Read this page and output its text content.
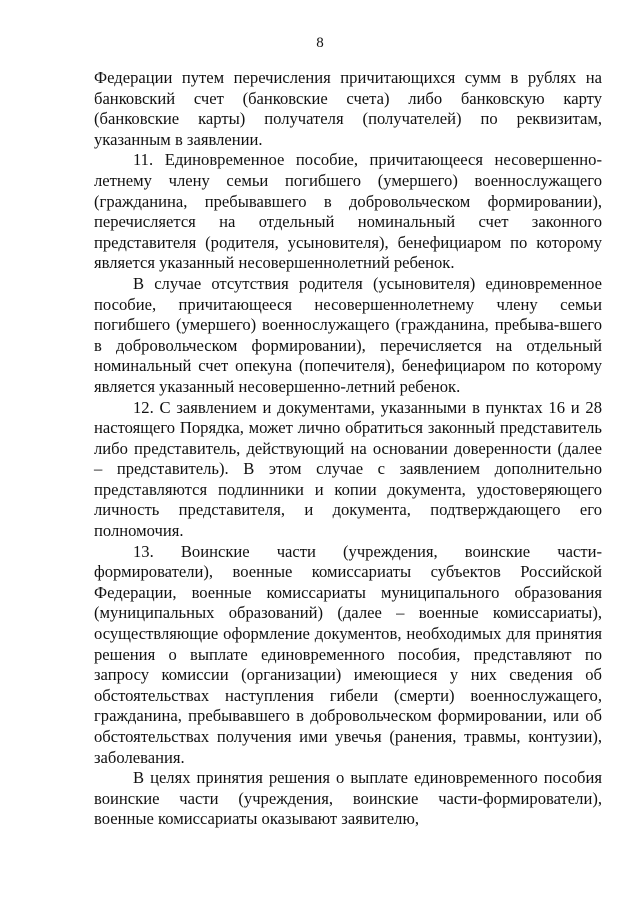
8

Федерации путем перечисления причитающихся сумм в рублях на банковский счет (банковские счета) либо банковскую карту (банковские карты) получателя (получателей) по реквизитам, указанным в заявлении.

11. Единовременное пособие, причитающееся несовершенно-летнему члену семьи погибшего (умершего) военнослужащего (гражданина, пребывавшего в добровольческом формировании), перечисляется на отдельный номинальный счет законного представителя (родителя, усыновителя), бенефициаром по которому является указанный несовершеннолетний ребенок.

В случае отсутствия родителя (усыновителя) единовременное пособие, причитающееся несовершеннолетнему члену семьи погибшего (умершего) военнослужащего (гражданина, пребыва-вшего в добровольческом формировании), перечисляется на отдельный номинальный счет опекуна (попечителя), бенефициаром по которому является указанный несовершенно-летний ребенок.

12. С заявлением и документами, указанными в пунктах 16 и 28 настоящего Порядка, может лично обратиться законный представитель либо представитель, действующий на основании доверенности (далее – представитель). В этом случае с заявлением дополнительно представляются подлинники и копии документа, удостоверяющего личность представителя, и документа, подтверждающего его полномочия.

13. Воинские части (учреждения, воинские части-формирователи), военные комиссариаты субъектов Российской Федерации, военные комиссариаты муниципального образования (муниципальных образований) (далее – военные комиссариаты), осуществляющие оформление документов, необходимых для принятия решения о выплате единовременного пособия, представляют по запросу комиссии (организации) имеющиеся у них сведения об обстоятельствах наступления гибели (смерти) военнослужащего, гражданина, пребывавшего в добровольческом формировании, или об обстоятельствах получения ими увечья (ранения, травмы, контузии), заболевания.

В целях принятия решения о выплате единовременного пособия воинские части (учреждения, воинские части-формирователи), военные комиссариаты оказывают заявителю,
